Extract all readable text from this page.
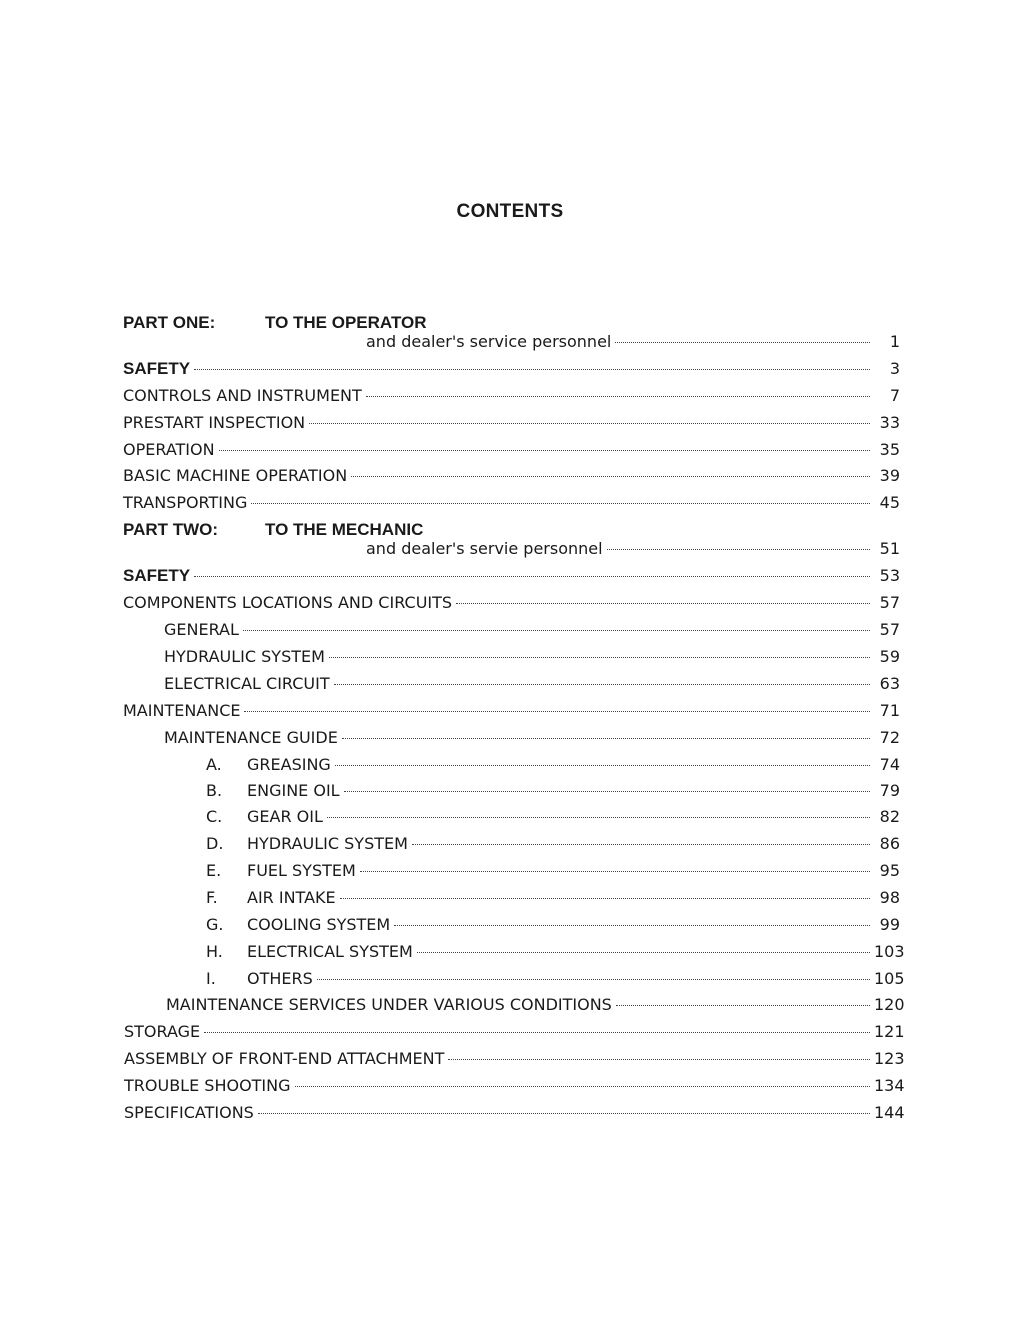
CONTENTS
PART ONE:	TO THE OPERATOR
and dealer's service personnel	1
SAFETY	3
CONTROLS AND INSTRUMENT	7
PRESTART INSPECTION	33
OPERATION	35
BASIC MACHINE OPERATION	39
TRANSPORTING	45
PART TWO:	TO THE MECHANIC
and dealer's servie personnel	51
SAFETY	53
COMPONENTS LOCATIONS AND CIRCUITS	57
GENERAL	57
HYDRAULIC SYSTEM	59
ELECTRICAL CIRCUIT	63
MAINTENANCE	71
MAINTENANCE GUIDE	72
A.	GREASING	74
B.	ENGINE OIL	79
C.	GEAR OIL	82
D.	HYDRAULIC SYSTEM	86
E.	FUEL SYSTEM	95
F.	AIR INTAKE	98
G.	COOLING SYSTEM	99
H.	ELECTRICAL SYSTEM	103
I.	OTHERS	105
MAINTENANCE SERVICES UNDER VARIOUS CONDITIONS	120
STORAGE	121
ASSEMBLY OF FRONT-END ATTACHMENT	123
TROUBLE SHOOTING	134
SPECIFICATIONS	144
